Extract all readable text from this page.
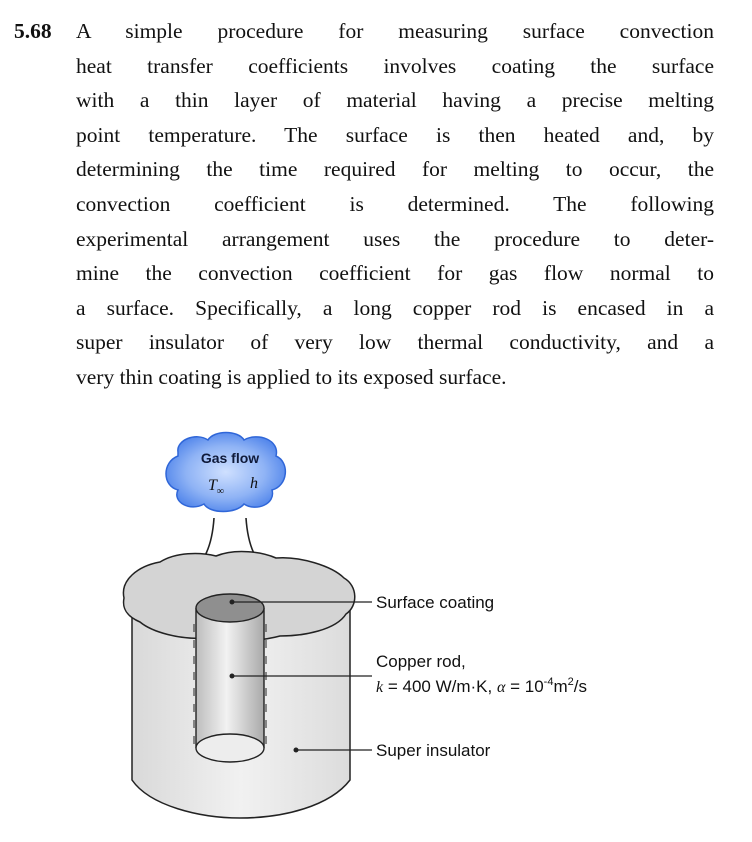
5.68 A simple procedure for measuring surface convection
heat transfer coefficients involves coating the surface
with a thin layer of material having a precise melting
point temperature. The surface is then heated and, by
determining the time required for melting to occur, the
convection coefficient is determined. The following
experimental arrangement uses the procedure to deter-
mine the convection coefficient for gas flow normal to
a surface. Specifically, a long copper rod is encased in a
super insulator of very low thermal conductivity, and a
very thin coating is applied to its exposed surface.
Gas flow
$T_\infty$ h
Surface coating
Copper rod,
k = 400 W/m·K, $\alpha = 10^{-4}m^2/s$
Super insulator
